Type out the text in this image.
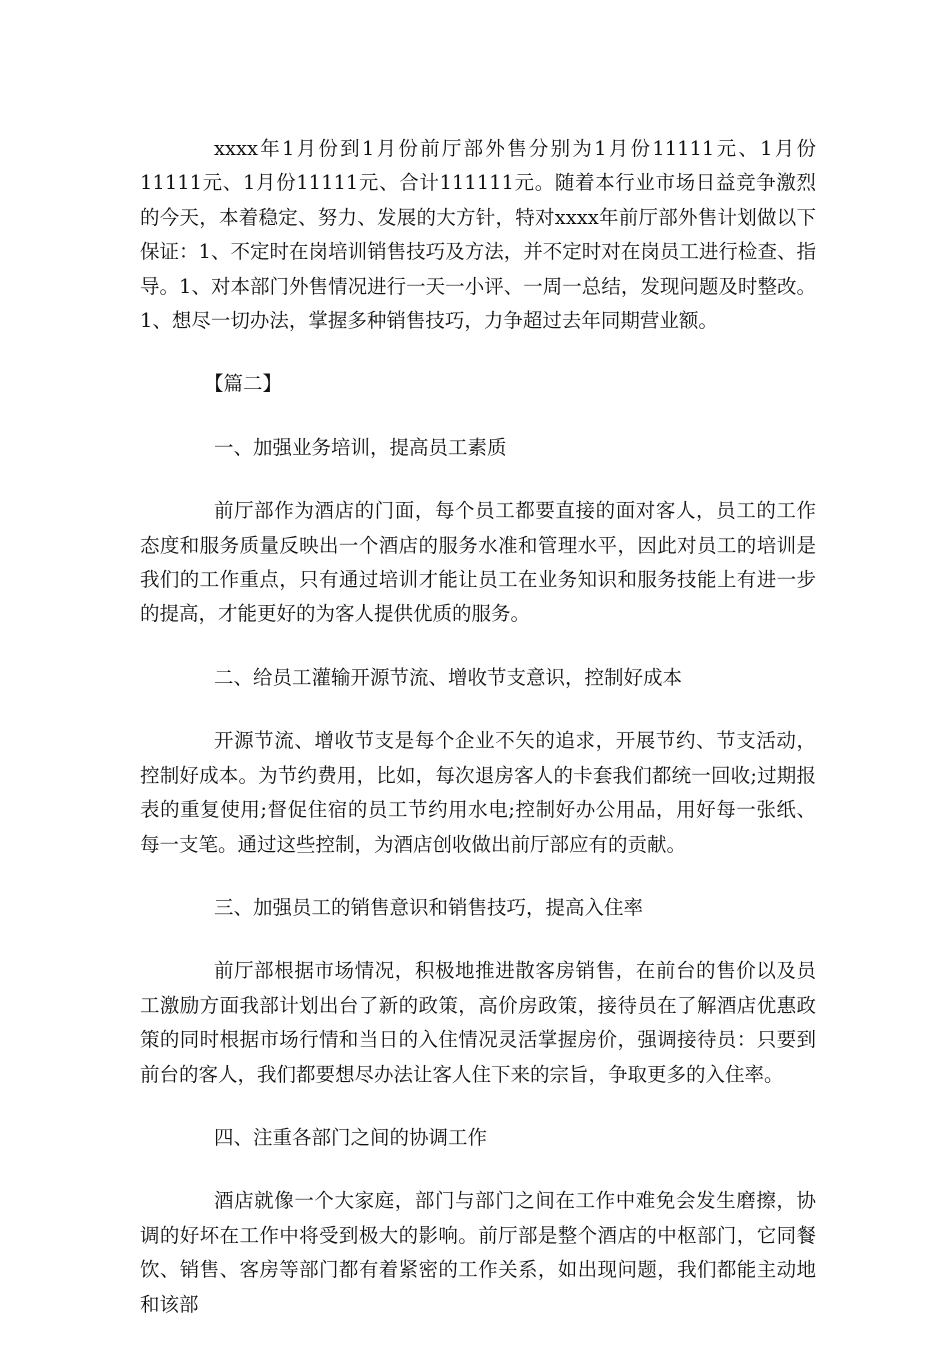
xxxx年1月份到1月份前厅部外售分别为1月份11111元、1月份11111元、1月份11111元、合计111111元。随着本行业市场日益竞争激烈的今天，本着稳定、努力、发展的大方针，特对xxxx年前厅部外售计划做以下保证：1、不定时在岗培训销售技巧及方法，并不定时对在岗员工进行检查、指导。1、对本部门外售情况进行一天一小评、一周一总结，发现问题及时整改。1、想尽一切办法，掌握多种销售技巧，力争超过去年同期营业额。

【篇二】

一、加强业务培训，提高员工素质

前厅部作为酒店的门面，每个员工都要直接的面对客人，员工的工作态度和服务质量反映出一个酒店的服务水准和管理水平，因此对员工的培训是我们的工作重点，只有通过培训才能让员工在业务知识和服务技能上有进一步的提高，才能更好的为客人提供优质的服务。

二、给员工灌输开源节流、增收节支意识，控制好成本

开源节流、增收节支是每个企业不矢的追求，开展节约、节支活动，控制好成本。为节约费用，比如，每次退房客人的卡套我们都统一回收;过期报表的重复使用;督促住宿的员工节约用水电;控制好办公用品，用好每一张纸、每一支笔。通过这些控制，为酒店创收做出前厅部应有的贡献。

三、加强员工的销售意识和销售技巧，提高入住率

前厅部根据市场情况，积极地推进散客房销售，在前台的售价以及员工激励方面我部计划出台了新的政策，高价房政策，接待员在了解酒店优惠政策的同时根据市场行情和当日的入住情况灵活掌握房价，强调接待员：只要到前台的客人，我们都要想尽办法让客人住下来的宗旨，争取更多的入住率。

四、注重各部门之间的协调工作

酒店就像一个大家庭，部门与部门之间在工作中难免会发生磨擦，协调的好坏在工作中将受到极大的影响。前厅部是整个酒店的中枢部门，它同餐饮、销售、客房等部门都有着紧密的工作关系，如出现问题，我们都能主动地和该部
